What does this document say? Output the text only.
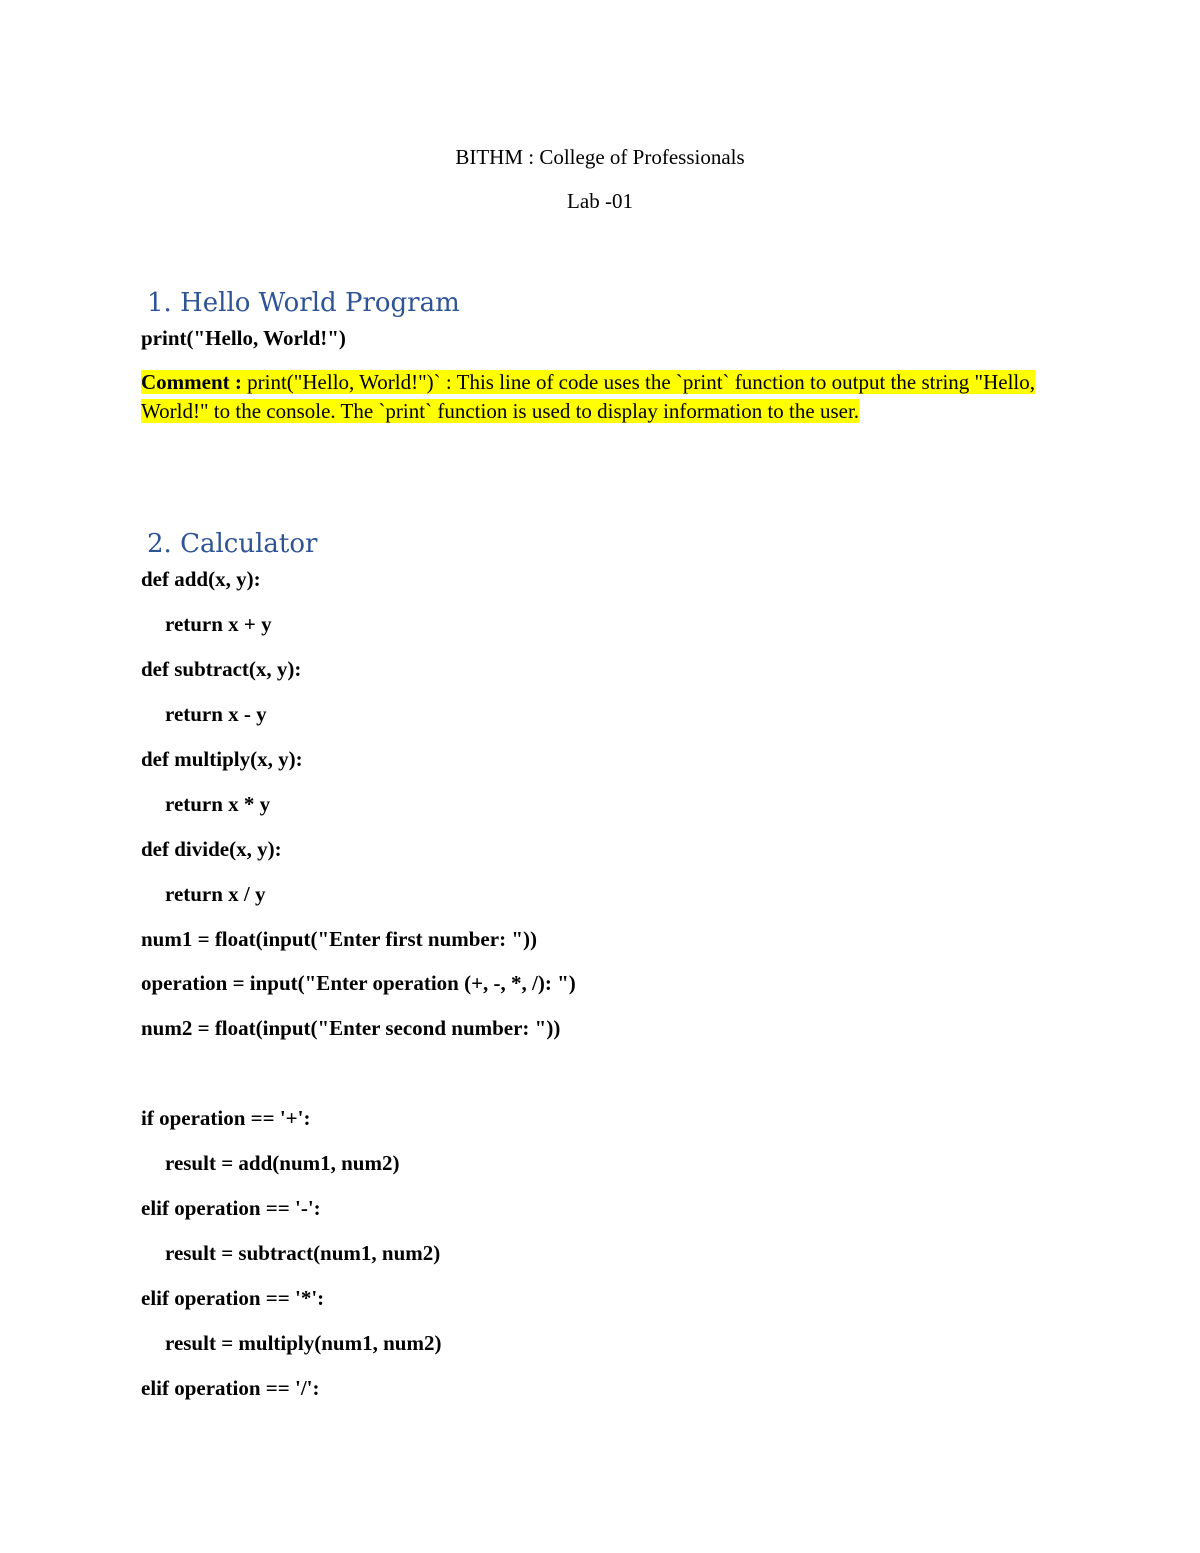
BITHM : College of Professionals
Lab -01
1. Hello World Program
print("Hello, World!")
Comment : print("Hello, World!")` : This line of code uses the `print` function to output the string "Hello, World!" to the console. The `print` function is used to display information to the user.
2. Calculator
def add(x, y):
return x + y
def subtract(x, y):
return x - y
def multiply(x, y):
return x * y
def divide(x, y):
return x / y
num1 = float(input("Enter first number: "))
operation = input("Enter operation (+, -, *, /): ")
num2 = float(input("Enter second number: "))
if operation == '+':
result = add(num1, num2)
elif operation == '-':
result = subtract(num1, num2)
elif operation == '*':
result = multiply(num1, num2)
elif operation == '/':
